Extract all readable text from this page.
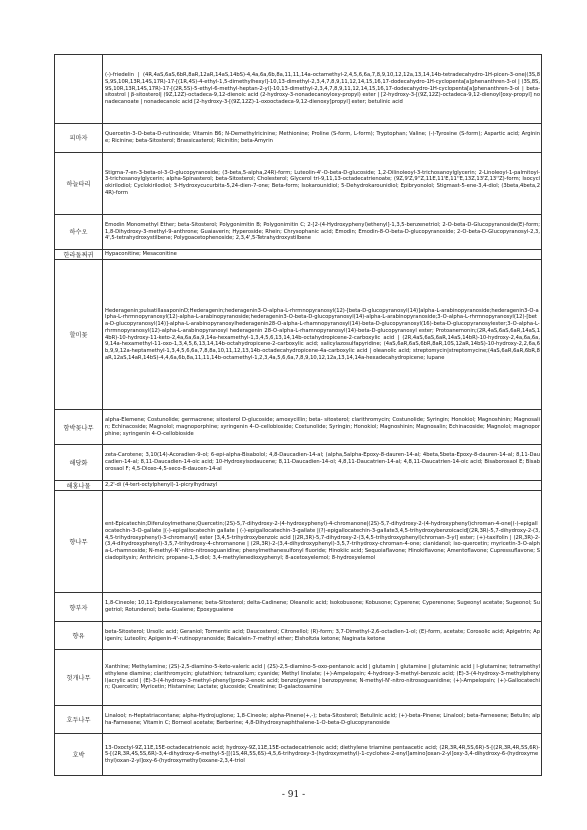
	(-)-friedelin | (4R,4aS,6aS,6bR,8aR,12aR,14aS,14bS)-4,4a,6a,6b,8a,11,11,14a-octamethyl-2,4,5,6,6a,7,8,9,10,12,12a,13,14,14b-tetradecahydro-1H-picen-3-one|(3S,8S,9S,10R,13R,14S,17R)-17-[(1R,4S)-4-ethyl-1,5-dimethylhexyl]-10,13-dimethyl-2,3,4,7,8,9,11,12,14,15,16,17-dodecahydro-1H-cyclopenta[a]phenanthren-3-ol | (3S,8S,9S,10R,13R,14S,17R)-17-[(2R,5S)-5-ethyl-6-methyl-heptan-2-yl]-10,13-dimethyl-2,3,4,7,8,9,11,12,14,15,16,17-dodecahydro-1H-cyclopenta[a]phenanthren-3-ol | beta-sitostrol | β-sitosterol| (9Z,12Z)-octadeca-9,12-dienoic acid (2-hydroxy-3-nonadecanoyloxy-propyl) ester | [2-hydroxy-3-[(9Z,12Z)-octadeca-9,12-dienoyl]oxy-propyl] nonadecanoate | nonadecanoic acid [2-hydroxy-3-[(9Z,12Z)-1-oxooctadeca-9,12-dienoxy]propyl] ester; betulinic acid
피마자	Quercetin-3-O-beta-D-rutinoside; Vitamin B6; N-Demethylricinine; Methionine; Proline (S-form, L-form); Tryptophan; Valine; (-)-Tyrosine (S-form); Aspartic acid; Arginine; Ricinine; beta-Sitosterol; Brassicasterol; Ricinitin; beta-Amyrin
하늘타리	Stigma-7-en-3-beta-ol-3-O-glucopyranoside; (3-beta,5-alpha,24R)-form; Luteolin-4'-O-beta-D-glucoside; 1,2-Dilinoleoyl-3-trichosanoylglycerin; 2-Linoleoyl-1-palmitoyl-3-trichosanoylglycerin; alpha-Spinasterol; beta-Sitosterol; Cholesterol; Glycerol tri-9,11,13-octadecatrienoate; (9Z,9'Z,9''Z,11E,11'E,11''E,13Z,13'Z,13''Z)-form; Isocyclokirilodiol; Cyclokirilodiol; 3-Hydroxycucurbita-5,24-dien-7-one; Beta-form; Isokarounidiol; 5-Dehydrokarounidiol; Epibryonolol; Stigmast-5-ene-3,4-diol; (3beta,4beta,24R)-form
하수오	Emodin Monomethyl Ether; beta-Sitosterol; Polygonimitin B; Polygonimitin C; 2-[2-(4-Hydroxyphenyl)ethenyl]-1,3,5-benzenetriol; 2-O-beta-D-Glucopyranoside(E)-form; 1,8-Dihydroxy-3-methyl-9-anthrone; Guaiaverin; Hyperoside; Rhein; Chrysophanic acid; Emodin; Emodin-8-O-beta-D-glucopyranoside; 2-O-beta-D-Glucopyranosyl-2,3,4',5-tetrahydroxystilbene; Polygoacetophenoside; 2,3,4',5-Tetrahydroxystilbene
한라돌쩌귀	Hypaconitine; Mesaconitine
할미꽃	Hederagenin;pulsatillasaponinD;Hederagenin;hederagenin3-O-alpha-L-rhrmnopyranosyl(12)-[beta-D-glucopyranosyl(14)]alpha-L-arabinopyranoside;hederagenin3-O-alpha-L-rhrmnopyranosyl(12)-alpha-L-arabinopyranoside;hederagenin3-O-beta-D-glucopyranosyl(14)-alpha-L-arabinopyranoside;3-O-alpha-L-rhrmnopyranosyl(12)-[beta-D-glucopyranosyl(14)]-alpha-L-arabinopyranosylhederagenin28-O-alpha-L-rhamnopyranosyl(14)-beta-D-glucopyranosyl(16)-beta-D-glucopyranosylester;3-O-alpha-L-rhrmnopyranosyl(12)-alpha-L-arabinopyranosyl hederagenin 28-O-alpha-L-rhamnopyranosyl(14)-beta-D-glucopyranosyl ester; Protoanemonin;(2R,4aS,6aS,6aR,14aS,14bR)-10-hydroxy-11-keto-2,4a,6a,6a,9,14a-hexamethyl-1,3,4,5,6,13,14,14b-octahydropicene-2-carboxylic acid | (2R,4aS,6aS,6aR,14aS,14bR)-10-hydroxy-2,4a,6a,6a,9,14a-hexamethyl-11-oxo-1,3,4,5,6,13,14,14b-octahydropicene-2-carboxylic acid; salicylazosulfapyridine; (4aS,6aR,6aS,6bR,8aR,10S,12aR,14bS)-10-hydroxy-2,2,6a,6b,9,9,12a-heptamethyl-1,3,4,5,6,6a,7,8,8a,10,11,12,13,14b-octadecahydropicene-4a-carboxylic acid | oleanolic acid; streptomycin|streptomycine;(4aS,6aR,6aR,6bR,8aR,12aS,14aR,14bS)-4,4,6a,6b,8a,11,11,14b-octamethyl-1,2,3,4a,5,6,6a,7,8,9,10,12,12a,13,14,14a-hexadecahydropicene; lupane
함박꽃나무	alpha-Elemene; Costunolide; germacrene; sitosterol D-glucoside; amoxycillin; beta- sitosterol; clarithromycin; Costunolide; Syringin; Honokiol; Magnoshinin; Magnosalin; Echinacoside; Magnolol; magnoporphine; syringenin 4-O-cellobioside; Costunolide; Syringin; Honokiol; Magnoshinin; Magnosalin; Echinacoside; Magnolol; magnoporphine; syringenin 4-O-cellobioside
해당화	zeta-Carotene; 3,10(14)-Acoradien-9-ol; 6-epi-alpha-Bisabolol; 4,8-Daucadien-14-al; (alpha,5alpha-Epoxy-8-dauren-14-al; 4beta,5beta-Epoxy-8-dauren-14-al; 8,11-Daucadien-14-al; 8,11-Daucadien-14-oic acid; 10-Hydroxyisodaucene; 8,11-Daucadien-14-ol; 4,8,11-Daucatrien-14-al; 4,8,11-Daucatrien-14-oic acid; Bisaborosaol E; Bisaborosaol F; 4,5-Dioxo-4,5-seco-8-daucen-14-al
해홍나물	2,2'-di (4-tert-octylphenyl)-1-picrylhydrazyl
향나무	ent-Epicatechin;Diferuloylmethane;Quercetin;(2S)-5,7-dihydroxy-2-(4-hydroxyphenyl)-4-chromanone|(2S)-5,7-dihydroxy-2-(4-hydroxyphenyl)chroman-4-one|(-)-epigallocatechin-3-O-gallate |(-)-epigallocatechin gallate | (-)-epigallocatechin-3-gallate |(?)-epigallocatechin-3-gallate3,4,5-trihydroxybenzoicacid[(2R,3R)-5,7-dihydroxy-2-(3,4,5-trihydroxyphenyl)-3-chromanyl] ester [3,4,5-trihydroxybenzoic acid [(2R,3R)-5,7-dihydroxy-2-(3,4,5-trihydroxyphenyl)chroman-3-yl] ester; (+)-taxifolin | (2R,3R)-2-(3,4-dihydroxyphenyl)-3,5,7-trihydroxy-4-chromanone | (2R,3R)-2-(3,4-dihydroxyphenyl)-3,5,7-trihydroxy-chroman-4-one; cianidanol; iso-quercetin; myricetin-3-O-alpha-L-rhamnoside; N-methyl-N'-nitro-nitrosoguanidine; phenylmethanesulfonyl fluoride; Hinokiic acid; Sequoiaflavone; Hinokiflavone; Amentoflavone; Cupressuflavone; Sciadopitysin; Anthricin; propane-1,3-diol; 3,4-methylenedioxyphenyl; 8-acetoxyelemol; 8-hydroxyelemol
향부자	1,8-Cineole; 10,11-Epidioxycalamene; beta-Sitosterol; delta-Cadinene; Oleanolic acid; Isokobusone; Kobusone; Cyperene; Cyperenone; Sugeonyl acetate; Sugeonol; Sugetriol; Rotundenol; beta-Guaiene; Epoxyguaiene
향유	beta-Sitosterol; Ursolic acid; Geraniol; Tormentic acid; Daucosterol; Citronellol; (R)-form; 3,7-Dimethyl-2,6-octadien-1-ol; (E)-form, acetate; Corosolic acid; Apigetrin; Apigenin; Luteolin; Apigenin-4'-rutinopyranoside; Baicalein-7-methyl ether; Elsholtzia ketone; Naginata ketone
헛개나무	Xanthine; Methylamine; (2S)-2,5-diamino-5-keto-valeric acid | (2S)-2,5-diamino-5-oxo-pentanoic acid | glutamin | glutamine | glutaminic acid | l-glutamine; tetramethylethylene diamine; clarithromycin; glutathion; tetrazolium; cyanide; Methyl linolate; (+)-Ampelopsin; 4-hydroxy-3-methyl-benzoic acid; (E)-3-(4-hydroxy-3-methylphenyl)acrylic acid | (E)-3-(4-hydroxy-3-methyl-phenyl)prop-2-enoic acid; benzo(pyrene | benzopyrene; N-methyl-N'-nitro-nitrosoguanidine; (+)-Ampelopsin; (+)-Gallocatechin; Quercetin; Myricetin; Histamine; Lactate; glucoside; Creatinine; D-galactosamine
호두나무	Linalool; n-Heptatriacontane; alpha-Hydrojuglone; 1,8-Cineole; alpha-Pinene(+,-); beta-Sitosterol; Betulinic acid; (+)-beta-Pinene; Linalool; beta-Farnesene; Betulin; alpha-Farnesene; Vitamin C; Borneol acetate; Berberine; 4,8-Dihydroxynaphthalene-1-O-beta-D-glucopyranoside
호박	13-Oxoctyl-9Z,11E,15E-octadecatrienoic acid; hydroxy-9Z,11E,15E-octadecatrienoic acid; diethylene triamine pentaacetic acid; (2R,3R,4R,5S,6R)-5-[(2R,3R,4R,5S,6R)-5-[(2R,3R,4S,5S,6R)-3,4-dihydroxy-6-methyl-5-[[(1S,4R,5S,6S)-4,5,6-trihydroxy-3-(hydroxymethyl)-1-cyclohex-2-enyl]amino]oxan-2-yl]oxy-3,4-dihydroxy-6-(hydroxymethyl)oxan-2-yl]oxy-6-(hydroxymethyl)oxane-2,3,4-triol
- 91 -
